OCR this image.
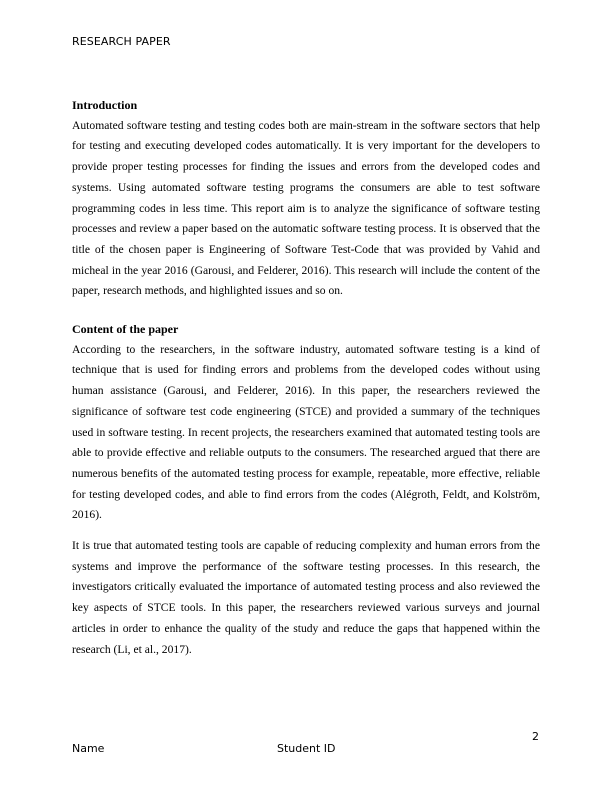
RESEARCH PAPER
Introduction

Automated software testing and testing codes both are main-stream in the software sectors that help for testing and executing developed codes automatically. It is very important for the developers to provide proper testing processes for finding the issues and errors from the developed codes and systems. Using automated software testing programs the consumers are able to test software programming codes in less time. This report aim is to analyze the significance of software testing processes and review a paper based on the automatic software testing process. It is observed that the title of the chosen paper is Engineering of Software Test-Code that was provided by Vahid and micheal in the year 2016 (Garousi, and Felderer, 2016). This research will include the content of the paper, research methods, and highlighted issues and so on.

Content of the paper

According to the researchers, in the software industry, automated software testing is a kind of technique that is used for finding errors and problems from the developed codes without using human assistance (Garousi, and Felderer, 2016). In this paper, the researchers reviewed the significance of software test code engineering (STCE) and provided a summary of the techniques used in software testing. In recent projects, the researchers examined that automated testing tools are able to provide effective and reliable outputs to the consumers. The researched argued that there are numerous benefits of the automated testing process for example, repeatable, more effective, reliable for testing developed codes, and able to find errors from the codes (Alégroth, Feldt, and Kolström, 2016).

It is true that automated testing tools are capable of reducing complexity and human errors from the systems and improve the performance of the software testing processes. In this research, the investigators critically evaluated the importance of automated testing process and also reviewed the key aspects of STCE tools. In this paper, the researchers reviewed various surveys and journal articles in order to enhance the quality of the study and reduce the gaps that happened within the research (Li, et al., 2017).

2
Name	Student ID
